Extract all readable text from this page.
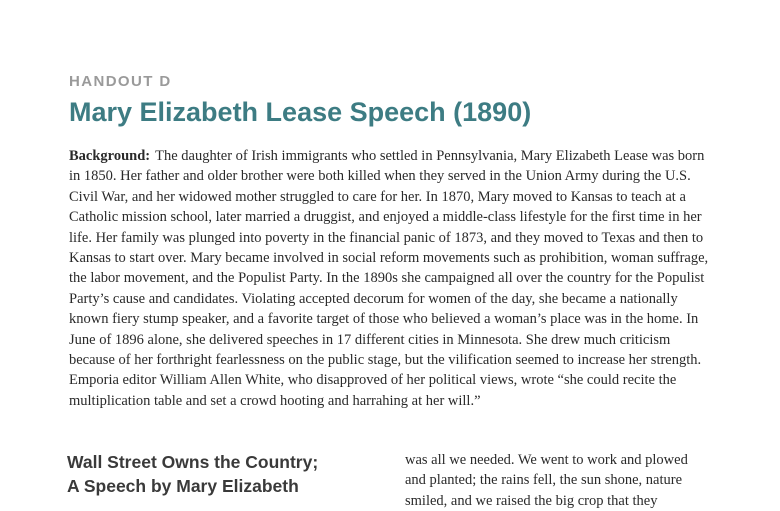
HANDOUT D
Mary Elizabeth Lease Speech (1890)

Background: The daughter of Irish immigrants who settled in Pennsylvania, Mary Elizabeth Lease was born in 1850. Her father and older brother were both killed when they served in the Union Army during the U.S. Civil War, and her widowed mother struggled to care for her. In 1870, Mary moved to Kansas to teach at a Catholic mission school, later married a druggist, and enjoyed a middle-class lifestyle for the first time in her life. Her family was plunged into poverty in the financial panic of 1873, and they moved to Texas and then to Kansas to start over. Mary became involved in social reform movements such as prohibition, woman suffrage, the labor movement, and the Populist Party. In the 1890s she campaigned all over the country for the Populist Party’s cause and candidates. Violating accepted decorum for women of the day, she became a nationally known fiery stump speaker, and a favorite target of those who believed a woman’s place was in the home. In June of 1896 alone, she delivered speeches in 17 different cities in Minnesota. She drew much criticism because of her forthright fearlessness on the public stage, but the vilification seemed to increase her strength. Emporia editor William Allen White, who disapproved of her political views, wrote “she could recite the multiplication table and set a crowd hooting and harrahing at her will.”

Wall Street Owns the Country;
A Speech by Mary Elizabeth
was all we needed. We went to work and plowed
and planted; the rains fell, the sun shone, nature
smiled, and we raised the big crop that they
